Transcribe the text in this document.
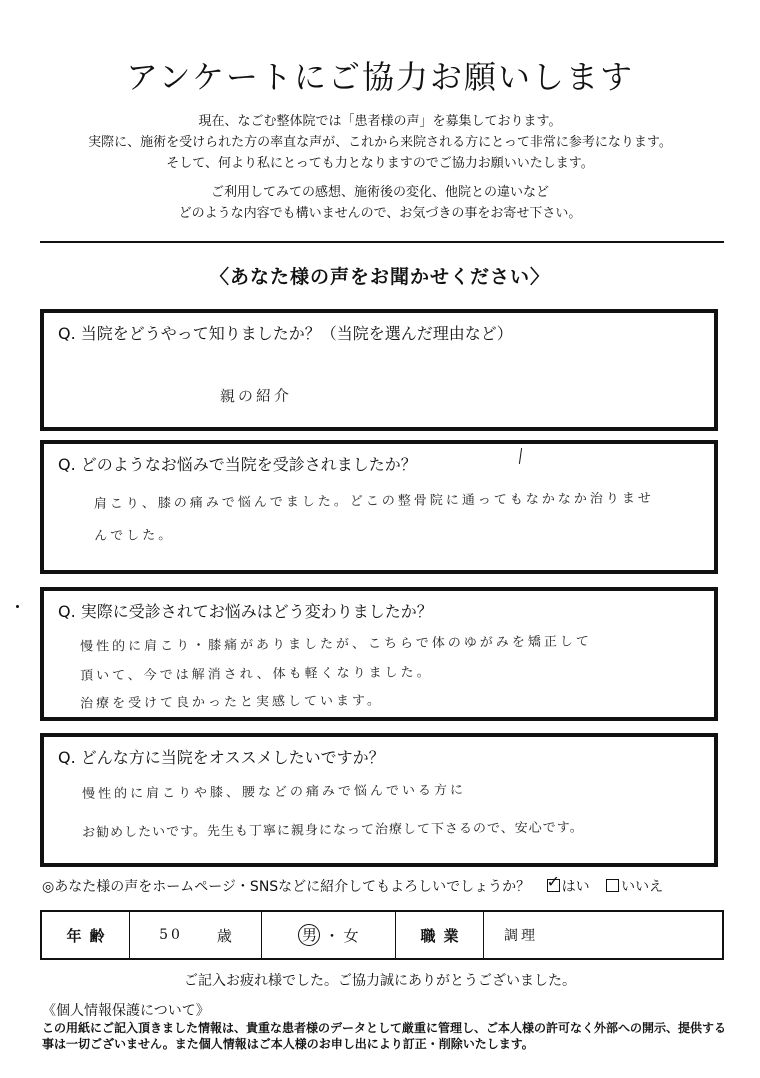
アンケートにご協力お願いします
現在、なごむ整体院では「患者様の声」を募集しております。
実際に、施術を受けられた方の率直な声が、これから来院される方にとって非常に参考になります。
そして、何より私にとっても力となりますのでご協力お願いいたします。
ご利用してみての感想、施術後の変化、他院との違いなど
どのような内容でも構いませんので、お気づきの事をお寄せ下さい。
〈あなた様の声をお聞かせください〉
Q. 当院をどうやって知りましたか？（当院を選んだ理由など）
親の紹介
Q. どのようなお悩みで当院を受診されましたか？
肩こり、膝の痛みで悩んでました。どこの整骨院に通ってもなかなか治りませんでした。
Q. 実際に受診されてお悩みはどう変わりましたか？
慢性的に肩こり・膝痛がありましたが、こちらで体のゆがみを矯正して
頂いて、今では解消され、体も軽くなりました。
治療を受けて良かったと実感しています。
Q. どんな方に当院をオススメしたいですか？
慢性的に肩こりや膝、腰などの痛みで悩んでいる方に
お勧めしたいです。先生も丁寧に親身になって治療して下さるので、安心です。
◎あなた様の声をホームページ・SNSなどに紹介してもよろしいでしょうか？ ✓ はい いいえ
年齢	50 歳	男 ・ 女	職業	調理
ご記入お疲れ様でした。ご協力誠にありがとうございました。
《個人情報保護について》
この用紙にご記入頂きました情報は、貴重な患者様のデータとして厳重に管理し、ご本人様の許可なく外部への開示、提供する事は一切ございません。また個人情報はご本人様のお申し出により訂正・削除いたします。
